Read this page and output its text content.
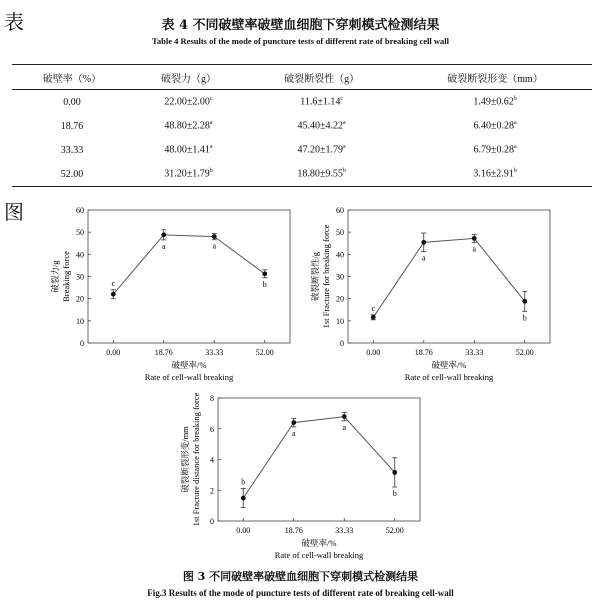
表
图
表 4 不同破壁率破壁血细胞下穿刺模式检测结果
Table 4 Results of the mode of puncture tests of different rate of breaking cell wall
破壁率（%）	破裂力（g）	破裂断裂性（g）	破裂断裂形变（mm）
0.00	22.00±2.00$^c$	11.6±1.14$^c$	1.49±0.62$^b$
18.76	48.80±2.28$^a$	45.40±4.22$^a$	6.40±0.28$^a$
33.33	48.00±1.41$^a$	47.20±1.79$^a$	6.79±0.28$^a$
52.00	31.20±1.79$^b$	18.80±9.55$^b$	3.16±2.91$^b$
0
10
20
30
40
50
60
0.00	18.76	33.33	52.00
c
a	a
b
破壁率/%
Rate of cell-wall breaking
破裂力/g Breaking force
0
10
20
30
40
50
60
0.00	18.76	33.33	52.00
c
a
a
b
破壁率/%
Rate of cell-wall breaking
破裂断裂性/g 1st Fracture for breaking force
0
2
4
6
8
0.00	18.76	33.33	52.00
b
a
a
b
破壁率/%
Rate of cell-wall breaking
破裂断裂形变/mm 1st Fracture distance for breaking force
图 3 不同破壁率破壁血细胞下穿刺模式检测结果
Fig.3 Results of the mode of puncture tests of different rate of breaking cell-wall
